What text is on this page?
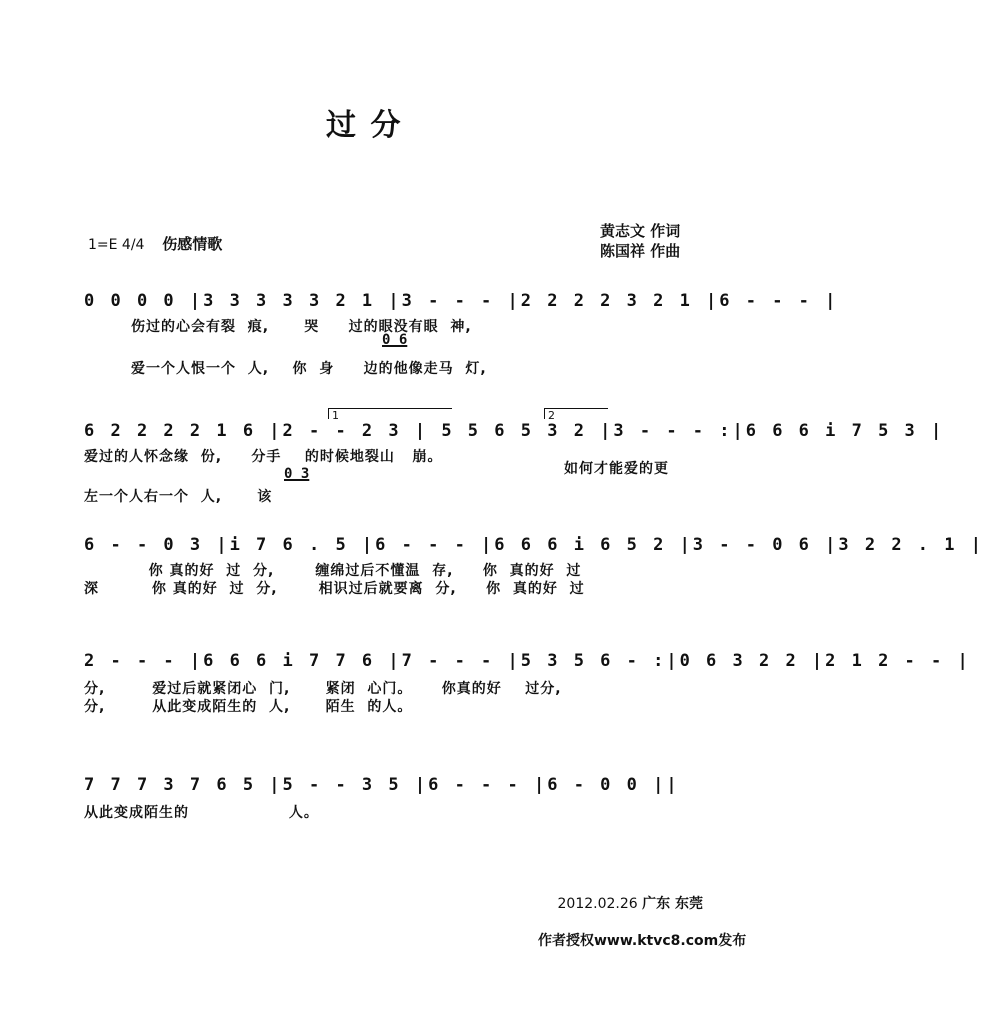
过 分
1=E 4/4 伤感情歌
黄志文 作词
陈国祥 作曲
0 0 0 0 |3 3 3 3 3 2 1 |3 - - - |2 2 2 2 3 2 1 |6 - - - |
0 6
伤过的心会有裂  痕,      哭     过的眼没有眼  神,
爱一个人恨一个  人,    你  身     边的他像走马  灯,
1	2
6 2 2 2 2 1 6 |2 - - 2 3 | 5 5 6 5 3 2 |3 - - - :|6 6 6 i 7 5 3 |
0 3
爱过的人怀念缘  份,     分手    的时候地裂山   崩。
如何才能爱的更
左一个人右一个  人,      该
6 - - 0 3 |i 7 6 . 5 |6 - - - |6 6 6 i 6 5 2 |3 - - 0 6 |3 2 2 . 1 |
你 真的好  过  分,       缠绵过后不懂温  存,     你  真的好  过
深         你 真的好  过  分,       相识过后就要离  分,     你  真的好  过
2 - - - |6 6 6 i 7 7 6 |7 - - - |5 3 5 6 - :|0 6 3 2 2 |2 1 2 - - |
分,        爱过后就紧闭心  门,      紧闭  心门。     你真的好    过分,
分,        从此变成陌生的  人,      陌生  的人。
7 7 7 3 7 6 5 |5 - - 3 5 |6 - - - |6 - 0 0 ||
从此变成陌生的                 人。
2012.02.26 广东 东莞
作者授权www.ktvc8.com发布
